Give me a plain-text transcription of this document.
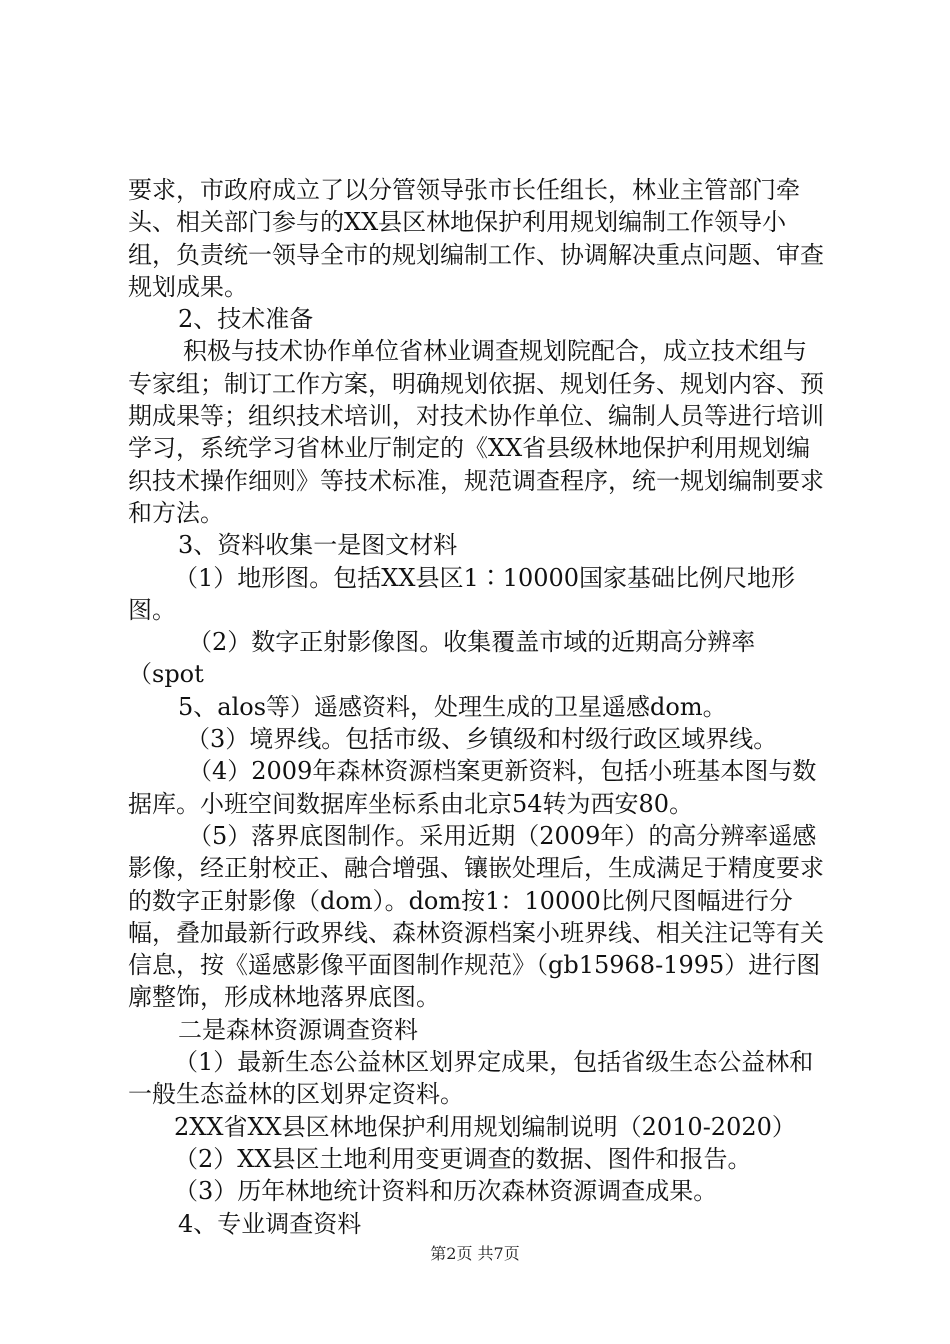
要求，市政府成立了以分管领导张市长任组长，林业主管部门牵头、相关部门参与的XX县区林地保护利用规划编制工作领导小组，负责统一领导全市的规划编制工作、协调解决重点问题、审查规划成果。

2、技术准备

积极与技术协作单位省林业调查规划院配合，成立技术组与专家组；制订工作方案，明确规划依据、规划任务、规划内容、预期成果等；组织技术培训，对技术协作单位、编制人员等进行培训学习，系统学习省林业厅制定的《XX省县级林地保护利用规划编织技术操作细则》等技术标准，规范调查程序，统一规划编制要求和方法。

3、资料收集一是图文材料

（1）地形图。包括XX县区1∶10000国家基础比例尺地形图。

（2）数字正射影像图。收集覆盖市域的近期高分辨率（spot

5、alos等）遥感资料，处理生成的卫星遥感dom。

（3）境界线。包括市级、乡镇级和村级行政区域界线。

（4）2009年森林资源档案更新资料，包括小班基本图与数据库。小班空间数据库坐标系由北京54转为西安80。

（5）落界底图制作。采用近期（2009年）的高分辨率遥感影像，经正射校正、融合增强、镶嵌处理后，生成满足于精度要求的数字正射影像（dom）。dom按1：10000比例尺图幅进行分幅，叠加最新行政界线、森林资源档案小班界线、相关注记等有关信息，按《遥感影像平面图制作规范》（gb15968-1995）进行图廓整饰，形成林地落界底图。

二是森林资源调查资料

（1）最新生态公益林区划界定成果，包括省级生态公益林和一般生态益林的区划界定资料。

2XX省XX县区林地保护利用规划编制说明（2010-2020）

（2）XX县区土地利用变更调查的数据、图件和报告。

（3）历年林地统计资料和历次森林资源调查成果。

4、专业调查资料

第2页 共7页
